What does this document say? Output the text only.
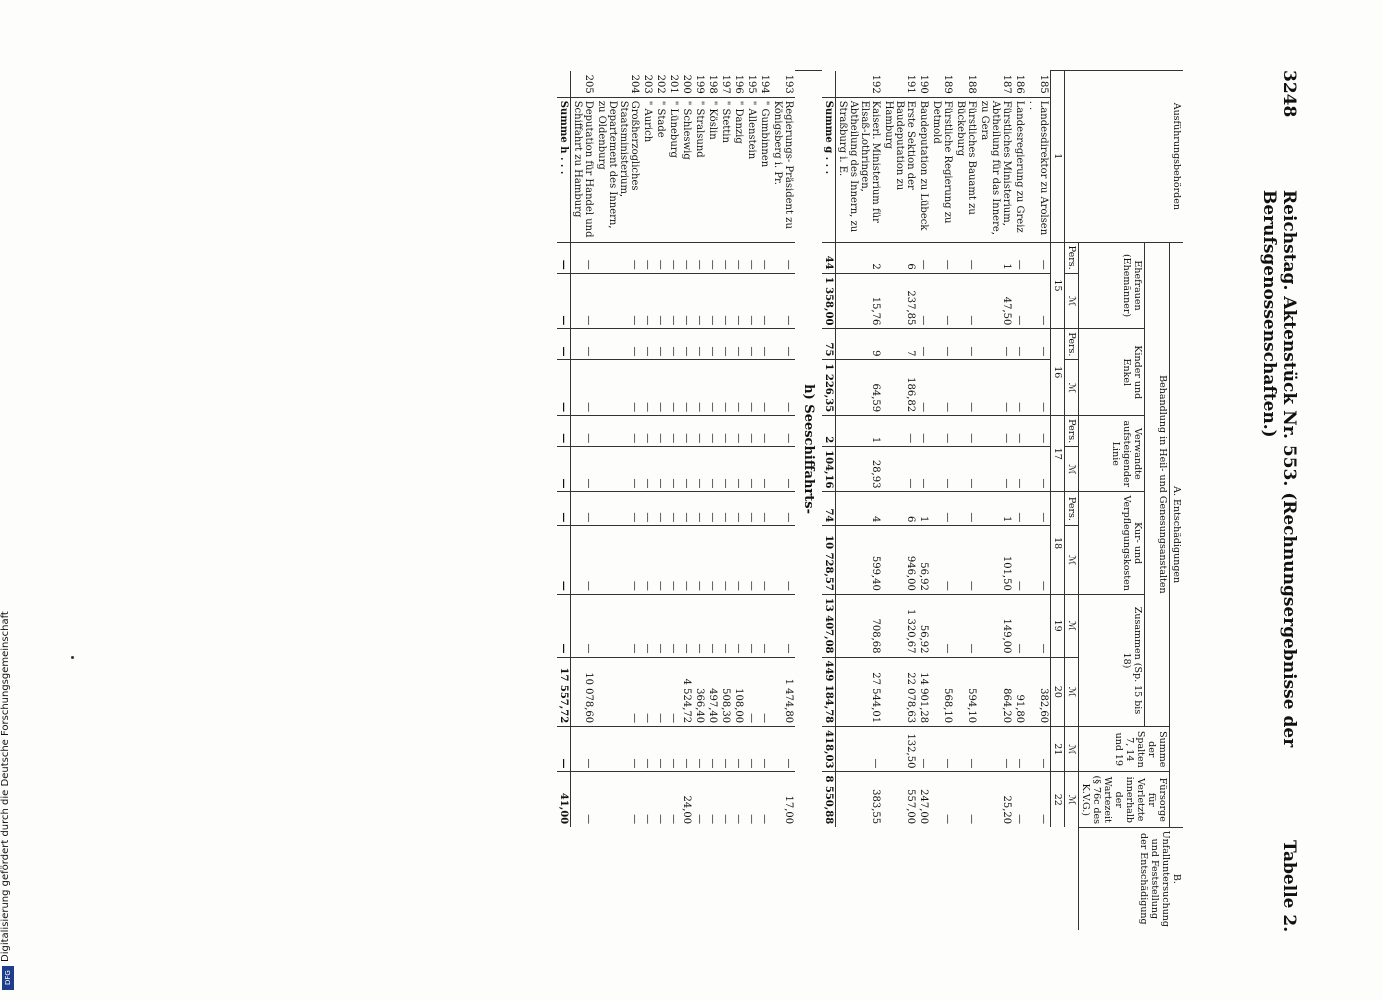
Digitalisierung gefördert durch die Deutsche Forschungsgemeinschaft
DFG
3248
Reichstag. Aktenstück Nr. 553. (Rechnungsergebnisse der Berufsgenossenschaften.)
Tabelle 2.
Ausführungsbehörden		A. Entschädigungen												B. Unfalluntersuchung und Feststellung der Entschädigung
		Behandlung in Heil- und Genesungsanstalten										Summe der Spalten 7, 14 und 19	Fürsorge für Verletzte innerhalb der Wartezeit (§ 76c des K.V.G.)
		Ehefrauen (Ehemänner)		Kinder und Enkel		Verwandte aufsteigender Linie		Kur- und Verpflegungskosten		Zusammen (Sp. 15 bis 18)				
		Pers.	ℳ	Pers.	ℳ	Pers.	ℳ	Pers.	ℳ	ℳ	ℳ	ℳ	ℳ	
1		15		16		17		18		19	20	21	22	
185	Landesdirektor zu Arolsen . .	—	—	—	—	—	—	—	—	—	382,60	—	—	
186	Landesregierung zu Greiz	—	—	—	—	—	—	—	—	—	91,80	—	—	
187	Fürstliches Ministerium, Abtheilung für das Innere, zu Gera	1	47,50	—	—	—	—	1	101,50	149,00	864,20	—	25,20	
188	Fürstliches Bauamt zu Bückeburg	—	—	—	—	—	—	—	—	—	594,10	—	—	
189	Fürstliche Regierung zu Detmold	—	—	—	—	—	—	—	—	—	568,10	—	—	
190	Baudeputation zu Lübeck	—	—	—	—	—	—	1	56,92	56,92	14 901,28	—	247,00	
191	Erste Sektion der Baudeputation zu Hamburg	6	237,85	7	186,82	—	—	6	946,00	1 320,67	22 078,63	132,50	557,00	
192	Kaiserl. Ministerium für Elsaß-Lothringen, Abtheilung des Innern, zu Straßburg i. E.	2	15,76	9	64,59	1	28,93	4	599,40	708,68	27 544,01	—	383,55	
	Summe g . . .	44	1 358,00	75	1 226,35	2	104,16	74	10 728,57	13 407,08	449 184,78	418,03	8 550,88	
h) Seeschiffahrts-														
193	Regierungs- Präsident zu Königsberg i. Pr.	—	—	—	—	—	—	—	—	—	1 474,80	—	17,00	
194	" Gumbinnen	—	—	—	—	—	—	—	—	—	—	—	—	
195	" Allenstein	—	—	—	—	—	—	—	—	—	—	—	—	
196	" Danzig	—	—	—	—	—	—	—	—	—	108,00	—	—	
197	" Stettin	—	—	—	—	—	—	—	—	—	508,30	—	—	
198	" Köslin	—	—	—	—	—	—	—	—	—	497,40	—	—	
199	" Stralsund	—	—	—	—	—	—	—	—	—	366,40	—	—	
200	" Schleswig	—	—	—	—	—	—	—	—	—	4 524,72	—	24,00	
201	" Lüneburg	—	—	—	—	—	—	—	—	—	—	—	—	
202	" Stade	—	—	—	—	—	—	—	—	—	—	—	—	
203	" Aurich	—	—	—	—	—	—	—	—	—	—	—	—	
204	Großherzogliches Staatsministerium, Departement des Innern, zu Oldenburg	—	—	—	—	—	—	—	—	—	—	—	—	
205	Deputation für Handel und Schiffahrt zu Hamburg	—	—	—	—	—	—	—	—	—	10 078,60	—	—	
	Summe h . . .	—	—	—	—	—	—	—	—	—	17 557,72	—	41,00	
